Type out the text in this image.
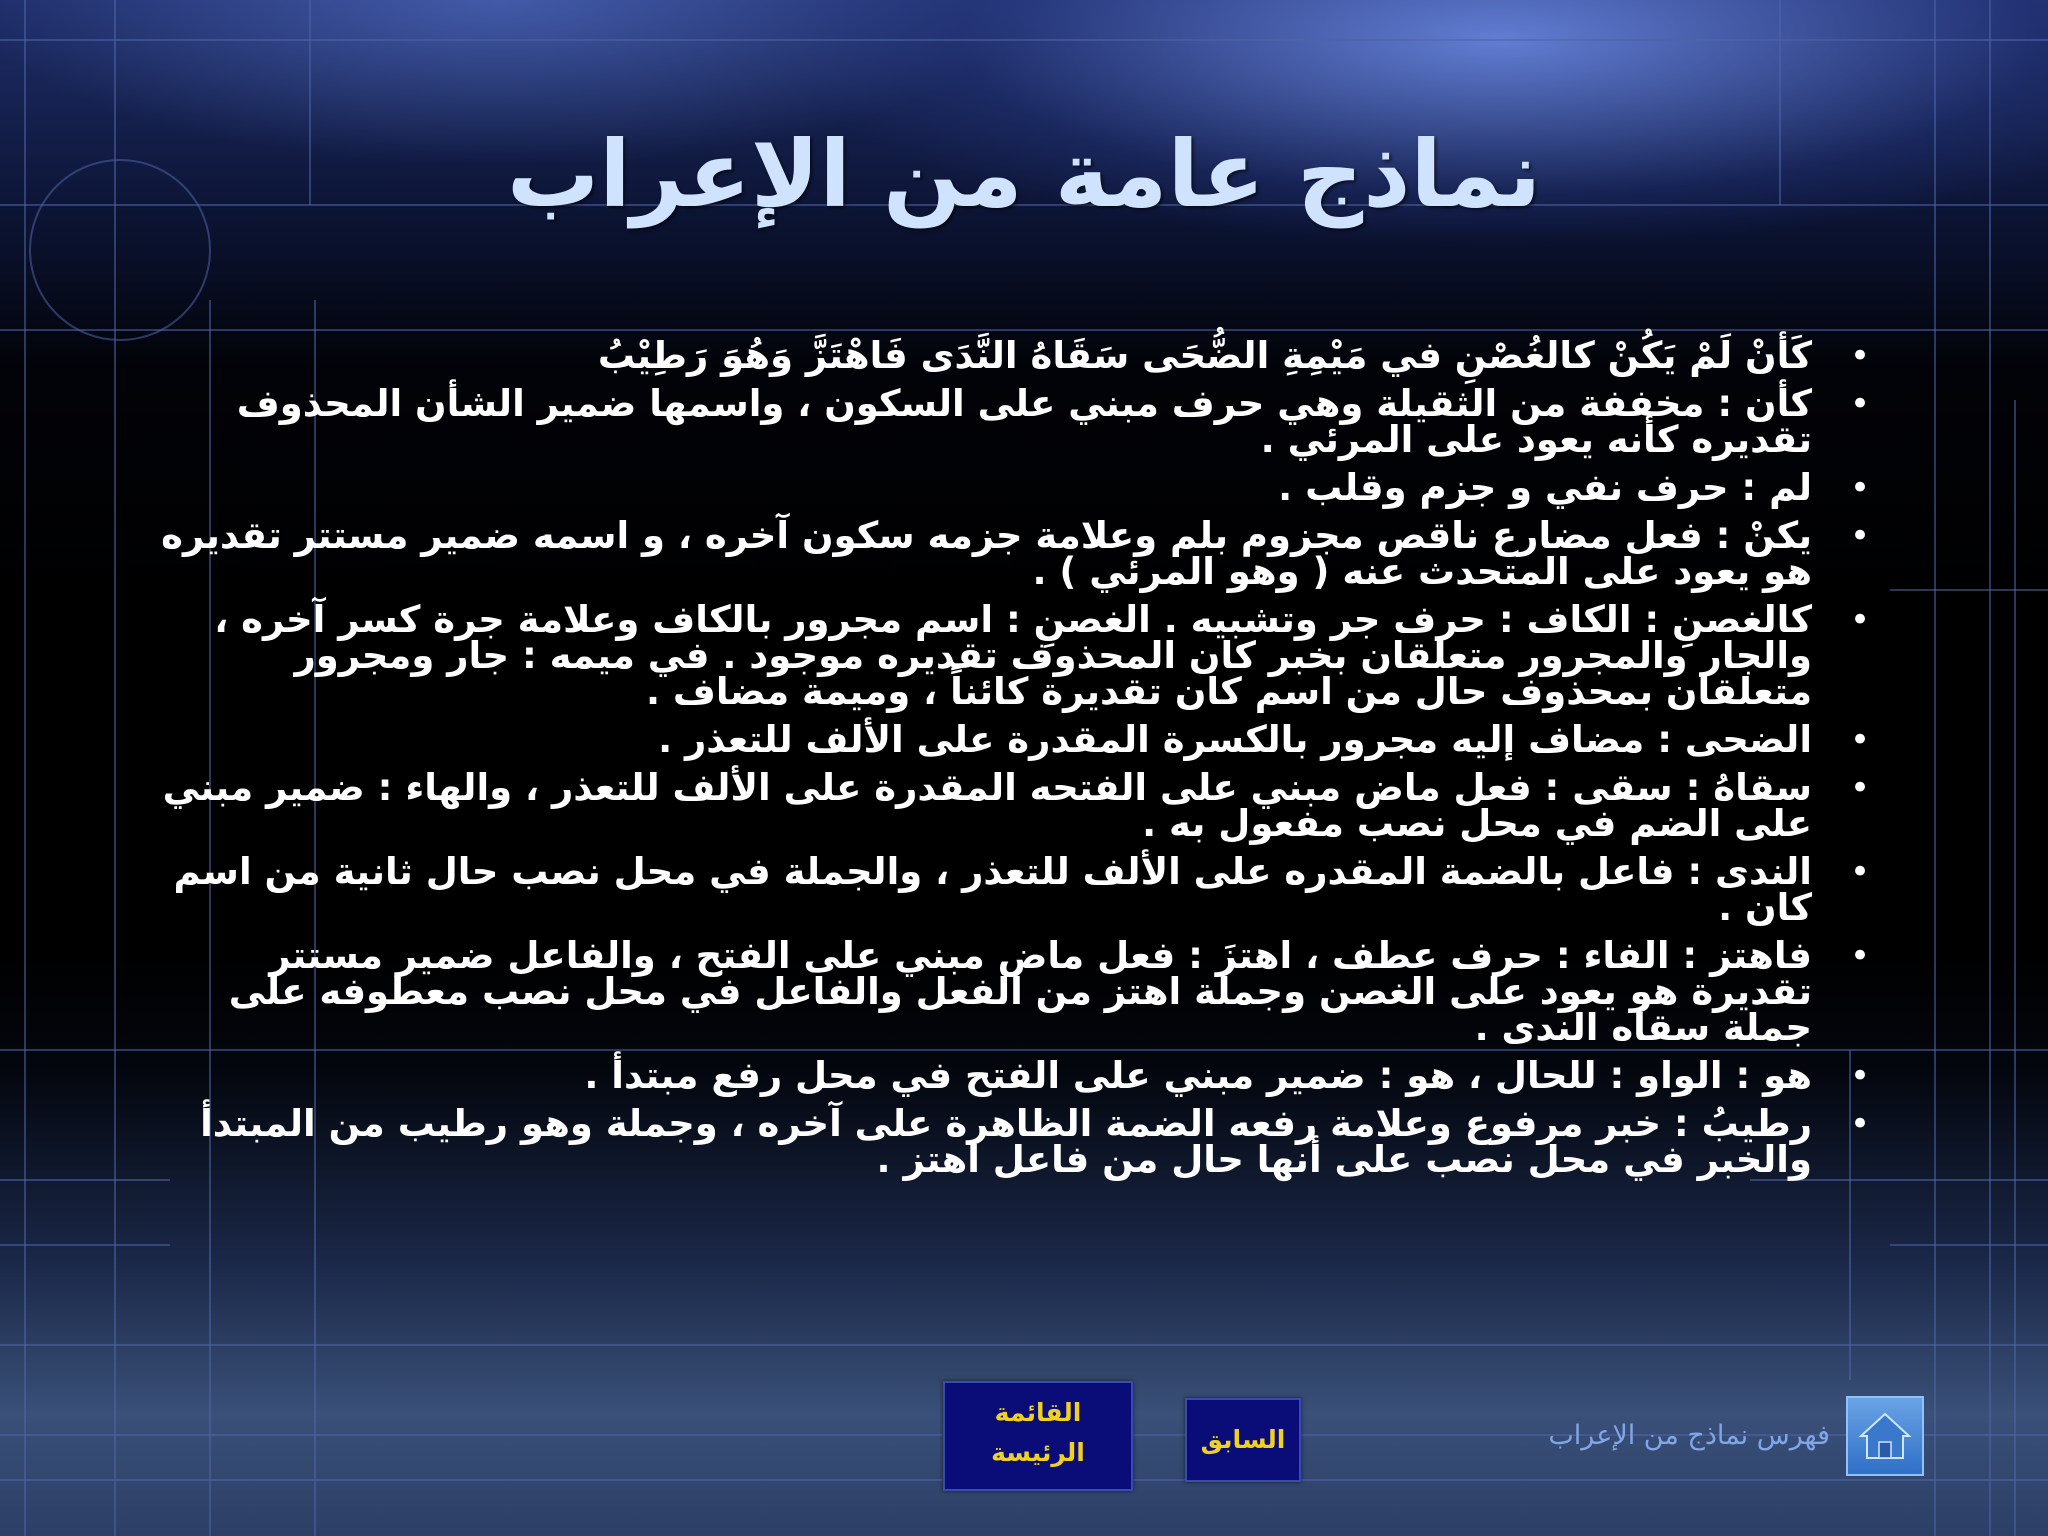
نماذج عامة من الإعراب
•
كَأنْ لَمْ يَكُنْ كالغُصْنِ في مَيْمِةِ الضُّحَى سَقَاهُ النَّدَى فَاهْتَزَّ وَهُوَ رَطِيْبُ
•
كأن : مخففة من الثقيلة وهي حرف مبني على السكون ، واسمها ضمير الشأن المحذوف تقديره كأنه يعود على المرئي .
•
لم : حرف نفي و جزم وقلب .
•
يكنْ : فعل مضارع ناقص مجزوم بلم وعلامة جزمه سكون آخره ، و اسمه ضمير مستتر تقديره هو يعود على المتحدث عنه ( وهو المرئي ) .
•
كالغصنِ : الكاف : حرف جر وتشبيه . الغصنِ : اسم مجرور بالكاف وعلامة جرة كسر آخره ، والجار والمجرور متعلقان بخبر كان المحذوف تقديره موجود . في ميمه : جار ومجرور متعلقان بمحذوف حال من اسم كان تقديرة كائناً ، وميمة مضاف .
•
الضحى : مضاف إليه مجرور بالكسرة المقدرة على الألف للتعذر .
•
سقاهُ : سقى : فعل ماض مبني على الفتحه المقدرة على الألف للتعذر ، والهاء : ضمير مبني على الضم في محل نصب مفعول به .
•
الندى : فاعل بالضمة المقدره على الألف للتعذر ، والجملة في محل نصب حال ثانية من اسم كان .
•
فاهتز : الفاء : حرف عطف ، اهتزَ : فعل ماض مبني على الفتح ، والفاعل ضمير مستتر تقديرة هو يعود على الغصن وجملة اهتز من الفعل والفاعل في محل نصب معطوفه على جملة سقاه الندى .
•
هو : الواو : للحال ، هو : ضمير مبني على الفتح في محل رفع مبتدأ .
•
رطيبُ : خبر مرفوع وعلامة رفعه الضمة الظاهرة على آخره ، وجملة وهو رطيب من المبتدأ والخبر في محل نصب على أنها حال من فاعل اهتز .
القائمة
الرئيسة	السابق	فهرس نماذج من الإعراب
